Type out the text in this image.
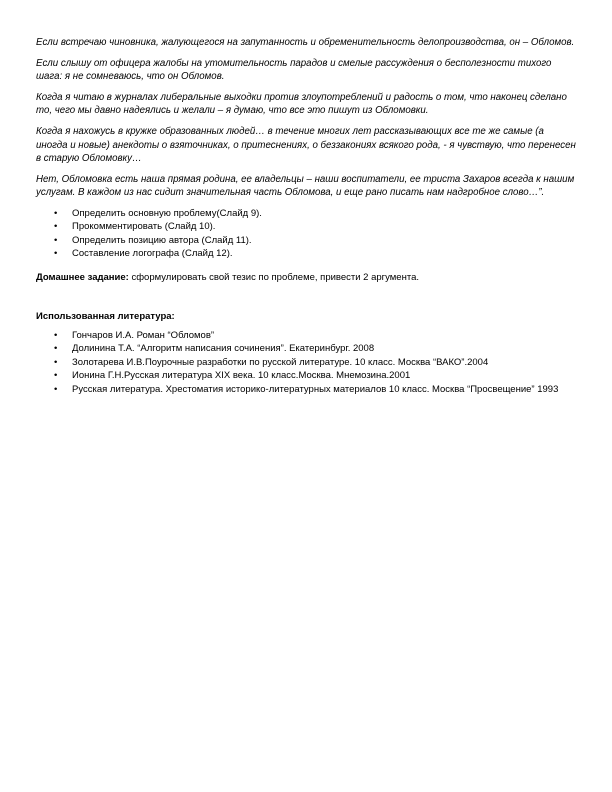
Если встречаю чиновника, жалующегося на запутанность и обременительность делопроизводства, он – Обломов.

Если слышу от офицера жалобы на утомительность парадов и смелые рассуждения о бесполезности тихого шага: я не сомневаюсь, что он Обломов.

Когда я читаю в журналах либеральные выходки против злоупотреблений и радость о том, что наконец сделано то, чего мы давно надеялись и желали – я думаю, что все это пишут из Обломовки.

Когда я нахожусь в кружке образованных людей… в течение многих лет рассказывающих все те же самые (а иногда и новые) анекдоты о взяточниках, о притеснениях, о беззакониях всякого рода, - я чувствую, что перенесен в старую Обломовку…

Нет, Обломовка есть наша прямая родина, ее владельцы – наши воспитатели, ее триста Захаров всегда к нашим услугам. В каждом из нас сидит значительная часть Обломова, и еще рано писать нам надгробное слово…”.

• Определить основную проблему(Слайд 9).
• Прокомментировать (Слайд 10).
• Определить позицию автора (Слайд 11).
• Составление логографа (Слайд 12).

Домашнее задание: сформулировать свой тезис по проблеме, привести 2 аргумента.

Использованная литература:
• Гончаров И.А. Роман “Обломов”
• Долинина Т.А. “Алгоритм написания сочинения”. Екатеринбург. 2008
• Золотарева И.В.Поурочные разработки по русской литературе. 10 класс. Москва “ВАКО”.2004
• Ионина Г.Н.Русская литература XIX века. 10 класс.Москва. Мнемозина.2001
• Русская литература. Хрестоматия историко-литературных материалов 10 класс. Москва “Просвещение” 1993
